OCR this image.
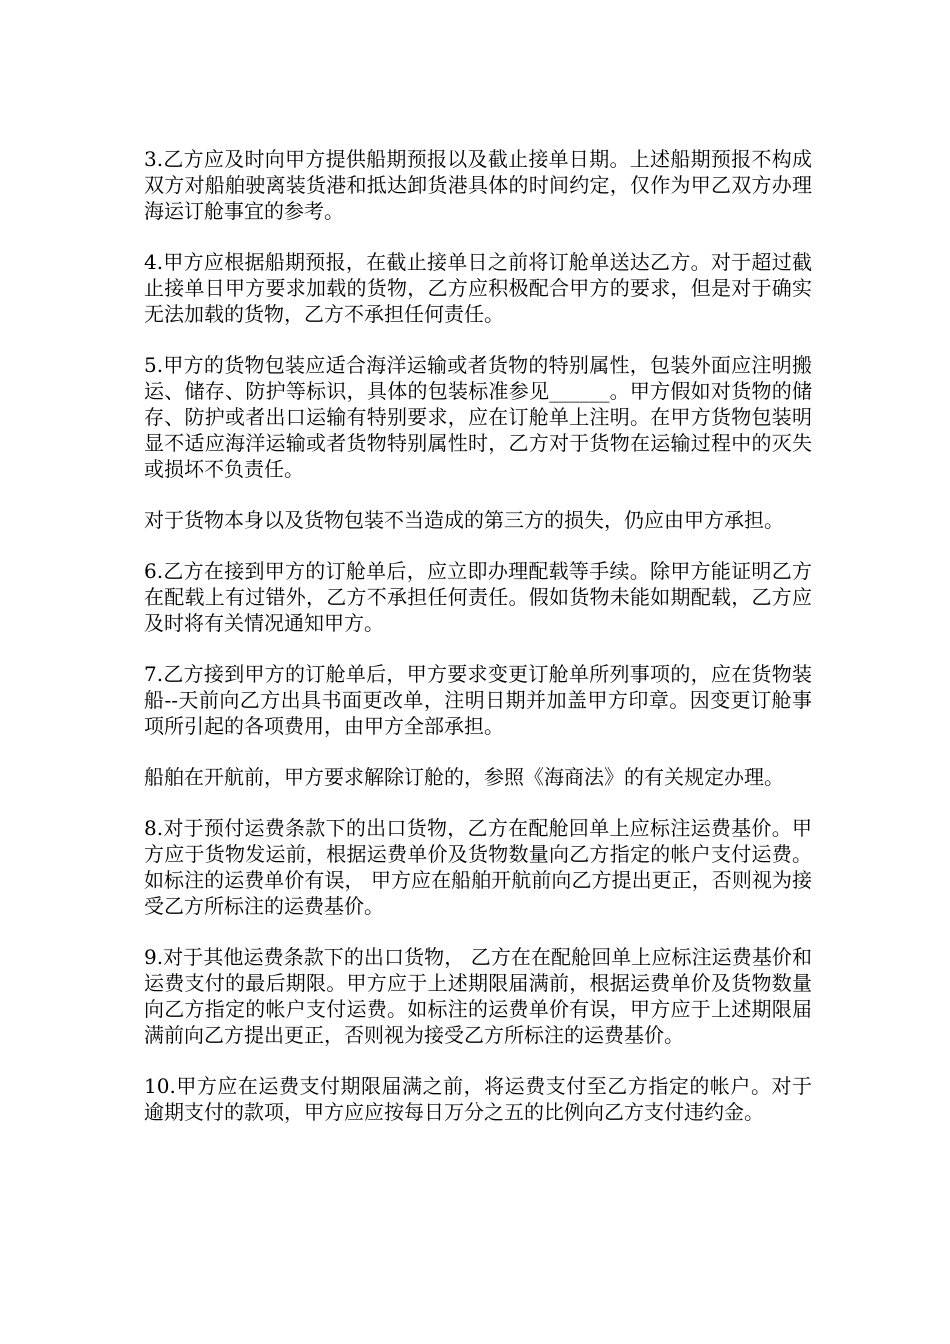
3.乙方应及时向甲方提供船期预报以及截止接单日期。上述船期预报不构成双方对船舶驶离装货港和抵达卸货港具体的时间约定，仅作为甲乙双方办理海运订舱事宜的参考。

4.甲方应根据船期预报，在截止接单日之前将订舱单送达乙方。对于超过截止接单日甲方要求加载的货物，乙方应积极配合甲方的要求，但是对于确实无法加载的货物，乙方不承担任何责任。

5.甲方的货物包装应适合海洋运输或者货物的特别属性，包装外面应注明搬运、储存、防护等标识，具体的包装标准参见______。甲方假如对货物的储存、防护或者出口运输有特别要求，应在订舱单上注明。在甲方货物包装明显不适应海洋运输或者货物特别属性时，乙方对于货物在运输过程中的灭失或损坏不负责任。

对于货物本身以及货物包装不当造成的第三方的损失，仍应由甲方承担。

6.乙方在接到甲方的订舱单后，应立即办理配载等手续。除甲方能证明乙方在配载上有过错外，乙方不承担任何责任。假如货物未能如期配载，乙方应及时将有关情况通知甲方。

7.乙方接到甲方的订舱单后，甲方要求变更订舱单所列事项的，应在货物装船--天前向乙方出具书面更改单，注明日期并加盖甲方印章。因变更订舱事项所引起的各项费用，由甲方全部承担。

船舶在开航前，甲方要求解除订舱的，参照《海商法》的有关规定办理。

8.对于预付运费条款下的出口货物，乙方在配舱回单上应标注运费基价。甲方应于货物发运前，根据运费单价及货物数量向乙方指定的帐户支付运费。如标注的运费单价有误， 甲方应在船舶开航前向乙方提出更正，否则视为接受乙方所标注的运费基价。

9.对于其他运费条款下的出口货物， 乙方在在配舱回单上应标注运费基价和运费支付的最后期限。甲方应于上述期限届满前，根据运费单价及货物数量向乙方指定的帐户支付运费。如标注的运费单价有误，甲方应于上述期限届满前向乙方提出更正，否则视为接受乙方所标注的运费基价。

10.甲方应在运费支付期限届满之前，将运费支付至乙方指定的帐户。对于逾期支付的款项，甲方应应按每日万分之五的比例向乙方支付违约金。
